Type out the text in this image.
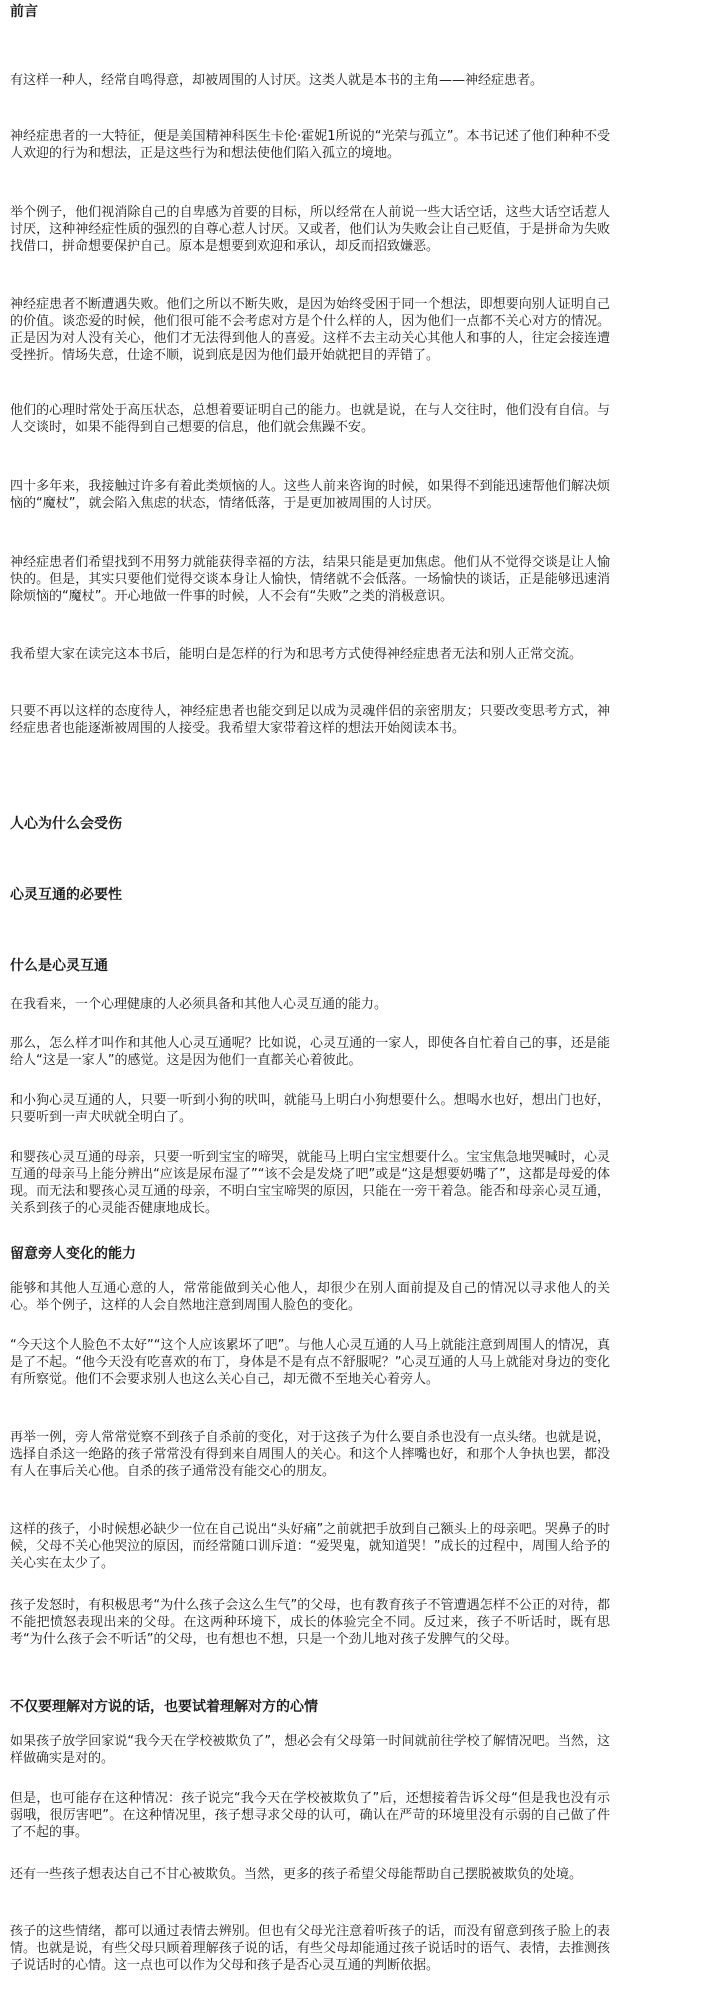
前言
有这样一种人，经常自鸣得意，却被周围的人讨厌。这类人就是本书的主角——神经症患者。
神经症患者的一大特征，便是美国精神科医生卡伦·霍妮1所说的“光荣与孤立”。本书记述了他们种种不受人欢迎的行为和想法，正是这些行为和想法使他们陷入孤立的境地。
举个例子，他们视消除自己的自卑感为首要的目标，所以经常在人前说一些大话空话，这些大话空话惹人讨厌，这种神经症性质的强烈的自尊心惹人讨厌。又或者，他们认为失败会让自己贬值，于是拼命为失败找借口，拼命想要保护自己。原本是想要到欢迎和承认，却反而招致嫌恶。
神经症患者不断遭遇失败。他们之所以不断失败，是因为始终受困于同一个想法，即想要向别人证明自己的价值。谈恋爱的时候，他们很可能不会考虑对方是个什么样的人，因为他们一点都不关心对方的情况。正是因为对人没有关心，他们才无法得到他人的喜爱。这样不去主动关心其他人和事的人，往定会接连遭受挫折。情场失意，仕途不顺，说到底是因为他们最开始就把目的弄错了。
他们的心理时常处于高压状态，总想着要证明自己的能力。也就是说，在与人交往时，他们没有自信。与人交谈时，如果不能得到自己想要的信息，他们就会焦躁不安。
四十多年来，我接触过许多有着此类烦恼的人。这些人前来咨询的时候，如果得不到能迅速帮他们解决烦恼的“魔杖”，就会陷入焦虑的状态，情绪低落，于是更加被周围的人讨厌。
神经症患者们希望找到不用努力就能获得幸福的方法，结果只能是更加焦虑。他们从不觉得交谈是让人愉快的。但是，其实只要他们觉得交谈本身让人愉快，情绪就不会低落。一场愉快的谈话，正是能够迅速消除烦恼的“魔杖”。开心地做一件事的时候，人不会有“失败”之类的消极意识。
我希望大家在读完这本书后，能明白是怎样的行为和思考方式使得神经症患者无法和别人正常交流。
只要不再以这样的态度待人，神经症患者也能交到足以成为灵魂伴侣的亲密朋友；只要改变思考方式，神经症患者也能逐渐被周围的人接受。我希望大家带着这样的想法开始阅读本书。
人心为什么会受伤
心灵互通的必要性
什么是心灵互通
在我看来，一个心理健康的人必须具备和其他人心灵互通的能力。
那么，怎么样才叫作和其他人心灵互通呢？比如说，心灵互通的一家人，即使各自忙着自己的事，还是能给人“这是一家人”的感觉。这是因为他们一直都关心着彼此。
和小狗心灵互通的人，只要一听到小狗的吠叫，就能马上明白小狗想要什么。想喝水也好，想出门也好，只要听到一声犬吠就全明白了。
和婴孩心灵互通的母亲，只要一听到宝宝的啼哭，就能马上明白宝宝想要什么。宝宝焦急地哭喊时，心灵互通的母亲马上能分辨出“应该是尿布湿了”“该不会是发烧了吧”或是“这是想要奶嘴了”，这都是母爱的体现。而无法和婴孩心灵互通的母亲，不明白宝宝啼哭的原因，只能在一旁干着急。能否和母亲心灵互通，关系到孩子的心灵能否健康地成长。
留意旁人变化的能力
能够和其他人互通心意的人，常常能做到关心他人，却很少在别人面前提及自己的情况以寻求他人的关心。举个例子，这样的人会自然地注意到周围人脸色的变化。
“今天这个人脸色不太好”“这个人应该累坏了吧”。与他人心灵互通的人马上就能注意到周围人的情况，真是了不起。“他今天没有吃喜欢的布丁，身体是不是有点不舒服呢？”心灵互通的人马上就能对身边的变化有所察觉。他们不会要求别人也这么关心自己，却无微不至地关心着旁人。
再举一例，旁人常常觉察不到孩子自杀前的变化，对于这孩子为什么要自杀也没有一点头绪。也就是说，选择自杀这一绝路的孩子常常没有得到来自周围人的关心。和这个人摔嘴也好，和那个人争执也罢，都没有人在事后关心他。自杀的孩子通常没有能交心的朋友。
这样的孩子，小时候想必缺少一位在自己说出“头好痛”之前就把手放到自己额头上的母亲吧。哭鼻子的时候，父母不关心他哭泣的原因，而经常随口训斥道：“爱哭鬼，就知道哭！”成长的过程中，周围人给予的关心实在太少了。
孩子发怒时，有积极思考“为什么孩子会这么生气”的父母，也有教育孩子不管遭遇怎样不公正的对待，都不能把愤怒表现出来的父母。在这两种环境下，成长的体验完全不同。反过来，孩子不听话时，既有思考“为什么孩子会不听话”的父母，也有想也不想，只是一个劲儿地对孩子发脾气的父母。
不仅要理解对方说的话，也要试着理解对方的心情
如果孩子放学回家说“我今天在学校被欺负了”，想必会有父母第一时间就前往学校了解情况吧。当然，这样做确实是对的。
但是，也可能存在这种情况：孩子说完“我今天在学校被欺负了”后，还想接着告诉父母“但是我也没有示弱哦，很厉害吧”。在这种情况里，孩子想寻求父母的认可，确认在严苛的环境里没有示弱的自己做了件了不起的事。
还有一些孩子想表达自己不甘心被欺负。当然，更多的孩子希望父母能帮助自己摆脱被欺负的处境。
孩子的这些情绪，都可以通过表情去辨别。但也有父母光注意着听孩子的话，而没有留意到孩子脸上的表情。也就是说，有些父母只顾着理解孩子说的话，有些父母却能通过孩子说话时的语气、表情，去推测孩子说话时的心情。这一点也可以作为父母和孩子是否心灵互通的判断依据。
